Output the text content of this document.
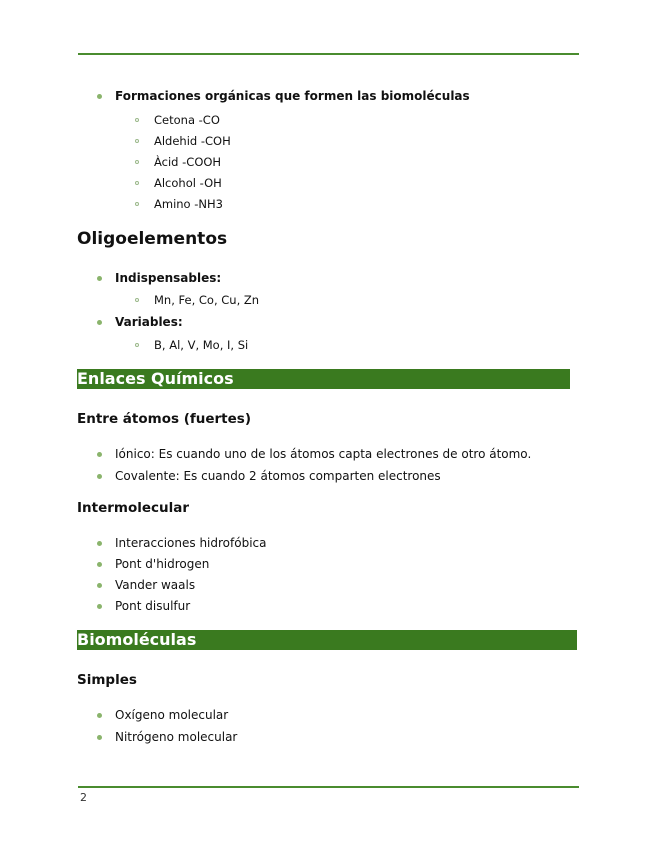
Formaciones orgánicas que formen las biomoléculas
Cetona -CO
Aldehid -COH
Àcid -COOH
Alcohol -OH
Amino -NH3
Oligoelementos
Indispensables:
Mn, Fe, Co, Cu, Zn
Variables:
B, Al, V, Mo, I, Si
Enlaces Químicos
Entre átomos (fuertes)
Iónico: Es cuando uno de los átomos capta electrones de otro átomo.
Covalente: Es cuando 2 átomos comparten electrones
Intermolecular
Interacciones hidrofóbica
Pont d'hidrogen
Vander waals
Pont disulfur
Biomoléculas
Simples
Oxígeno molecular
Nitrógeno molecular
2
